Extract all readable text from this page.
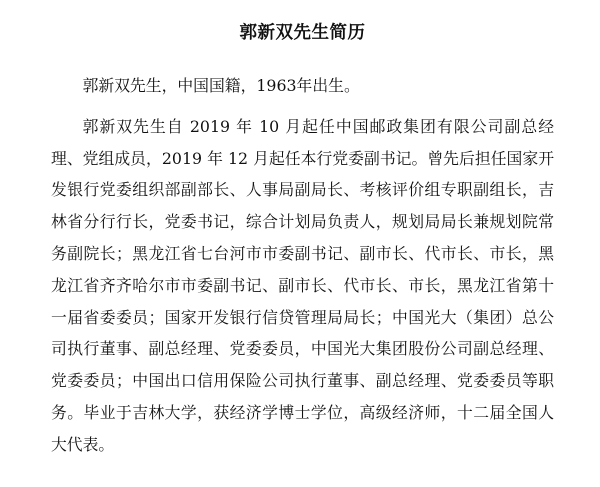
郭新双先生简历

郭新双先生，中国国籍，1963年出生。

郭新双先生自 2019 年 10 月起任中国邮政集团有限公司副总经理、党组成员，2019 年 12 月起任本行党委副书记。曾先后担任国家开发银行党委组织部副部长、人事局副局长、考核评价组专职副组长，吉林省分行行长，党委书记，综合计划局负责人，规划局局长兼规划院常务副院长；黑龙江省七台河市市委副书记、副市长、代市长、市长，黑龙江省齐齐哈尔市市委副书记、副市长、代市长、市长，黑龙江省第十一届省委委员；国家开发银行信贷管理局局长；中国光大（集团）总公司执行董事、副总经理、党委委员，中国光大集团股份公司副总经理、党委委员；中国出口信用保险公司执行董事、副总经理、党委委员等职务。毕业于吉林大学，获经济学博士学位，高级经济师，十二届全国人大代表。
